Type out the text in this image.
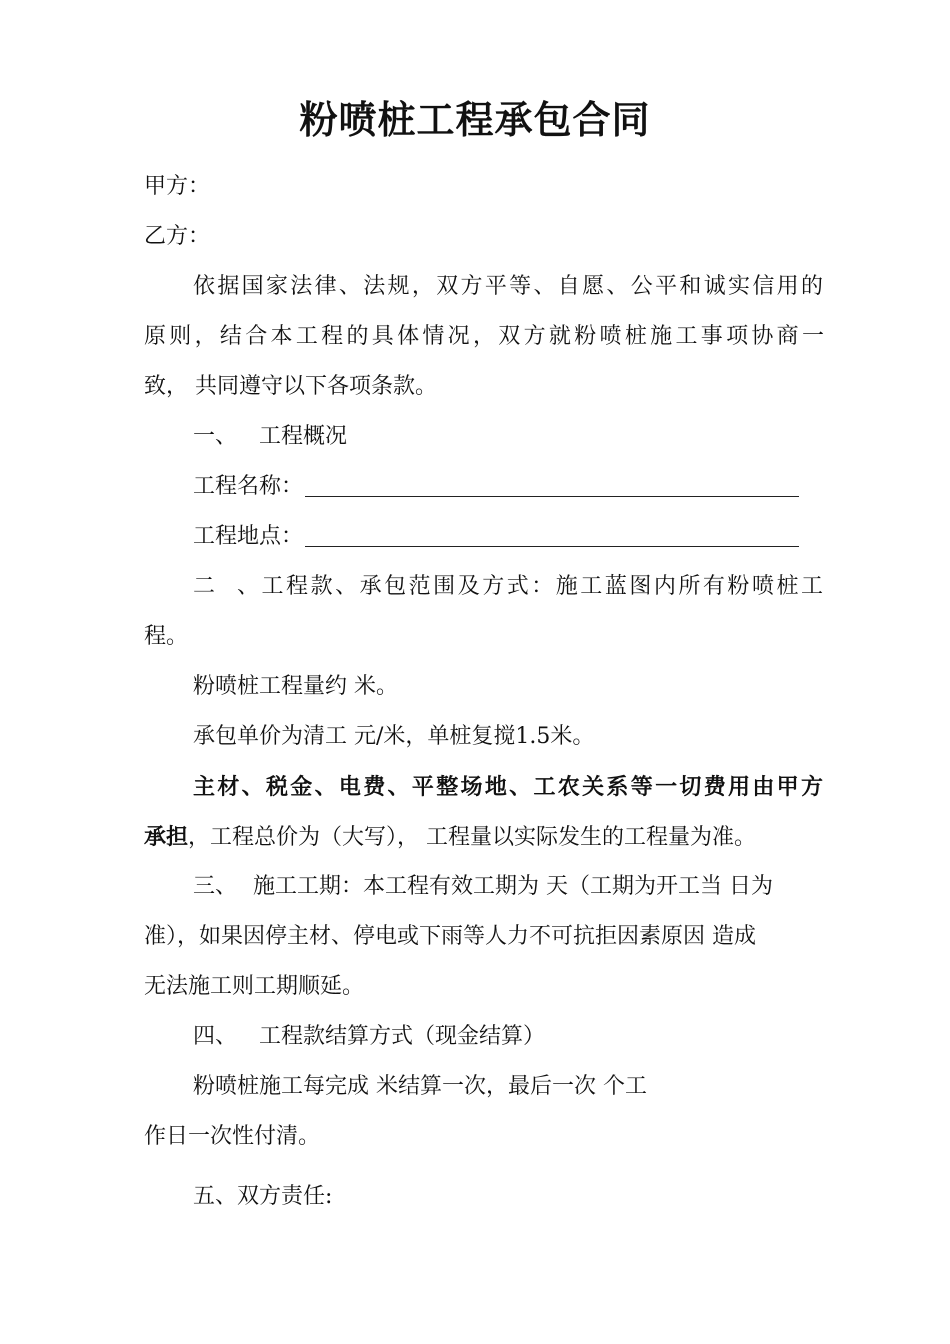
粉喷桩工程承包合同
甲方：
乙方：
依据国家法律、法规，双方平等、自愿、公平和诚实信用的
原则，结合本工程的具体情况，双方就粉喷桩施工事项协商一
致， 共同遵守以下各项条款。
一、 工程概况
工程名称：
工程地点：
二、工程款、承包范围及方式：施工蓝图内所有粉喷桩工
程。
粉喷桩工程量约 米。
承包单价为清工 元/米，单桩复搅1.5米。
主材、税金、电费、平整场地、工农关系等一切费用由甲方
承担，工程总价为（大写）， 工程量以实际发生的工程量为准。
三、 施工工期：本工程有效工期为 天（工期为开工当 日为
准），如果因停主材、停电或下雨等人力不可抗拒因素原因 造成
无法施工则工期顺延。
四、 工程款结算方式（现金结算）
粉喷桩施工每完成 米结算一次，最后一次 个工
作日一次性付清。
五、双方责任:
